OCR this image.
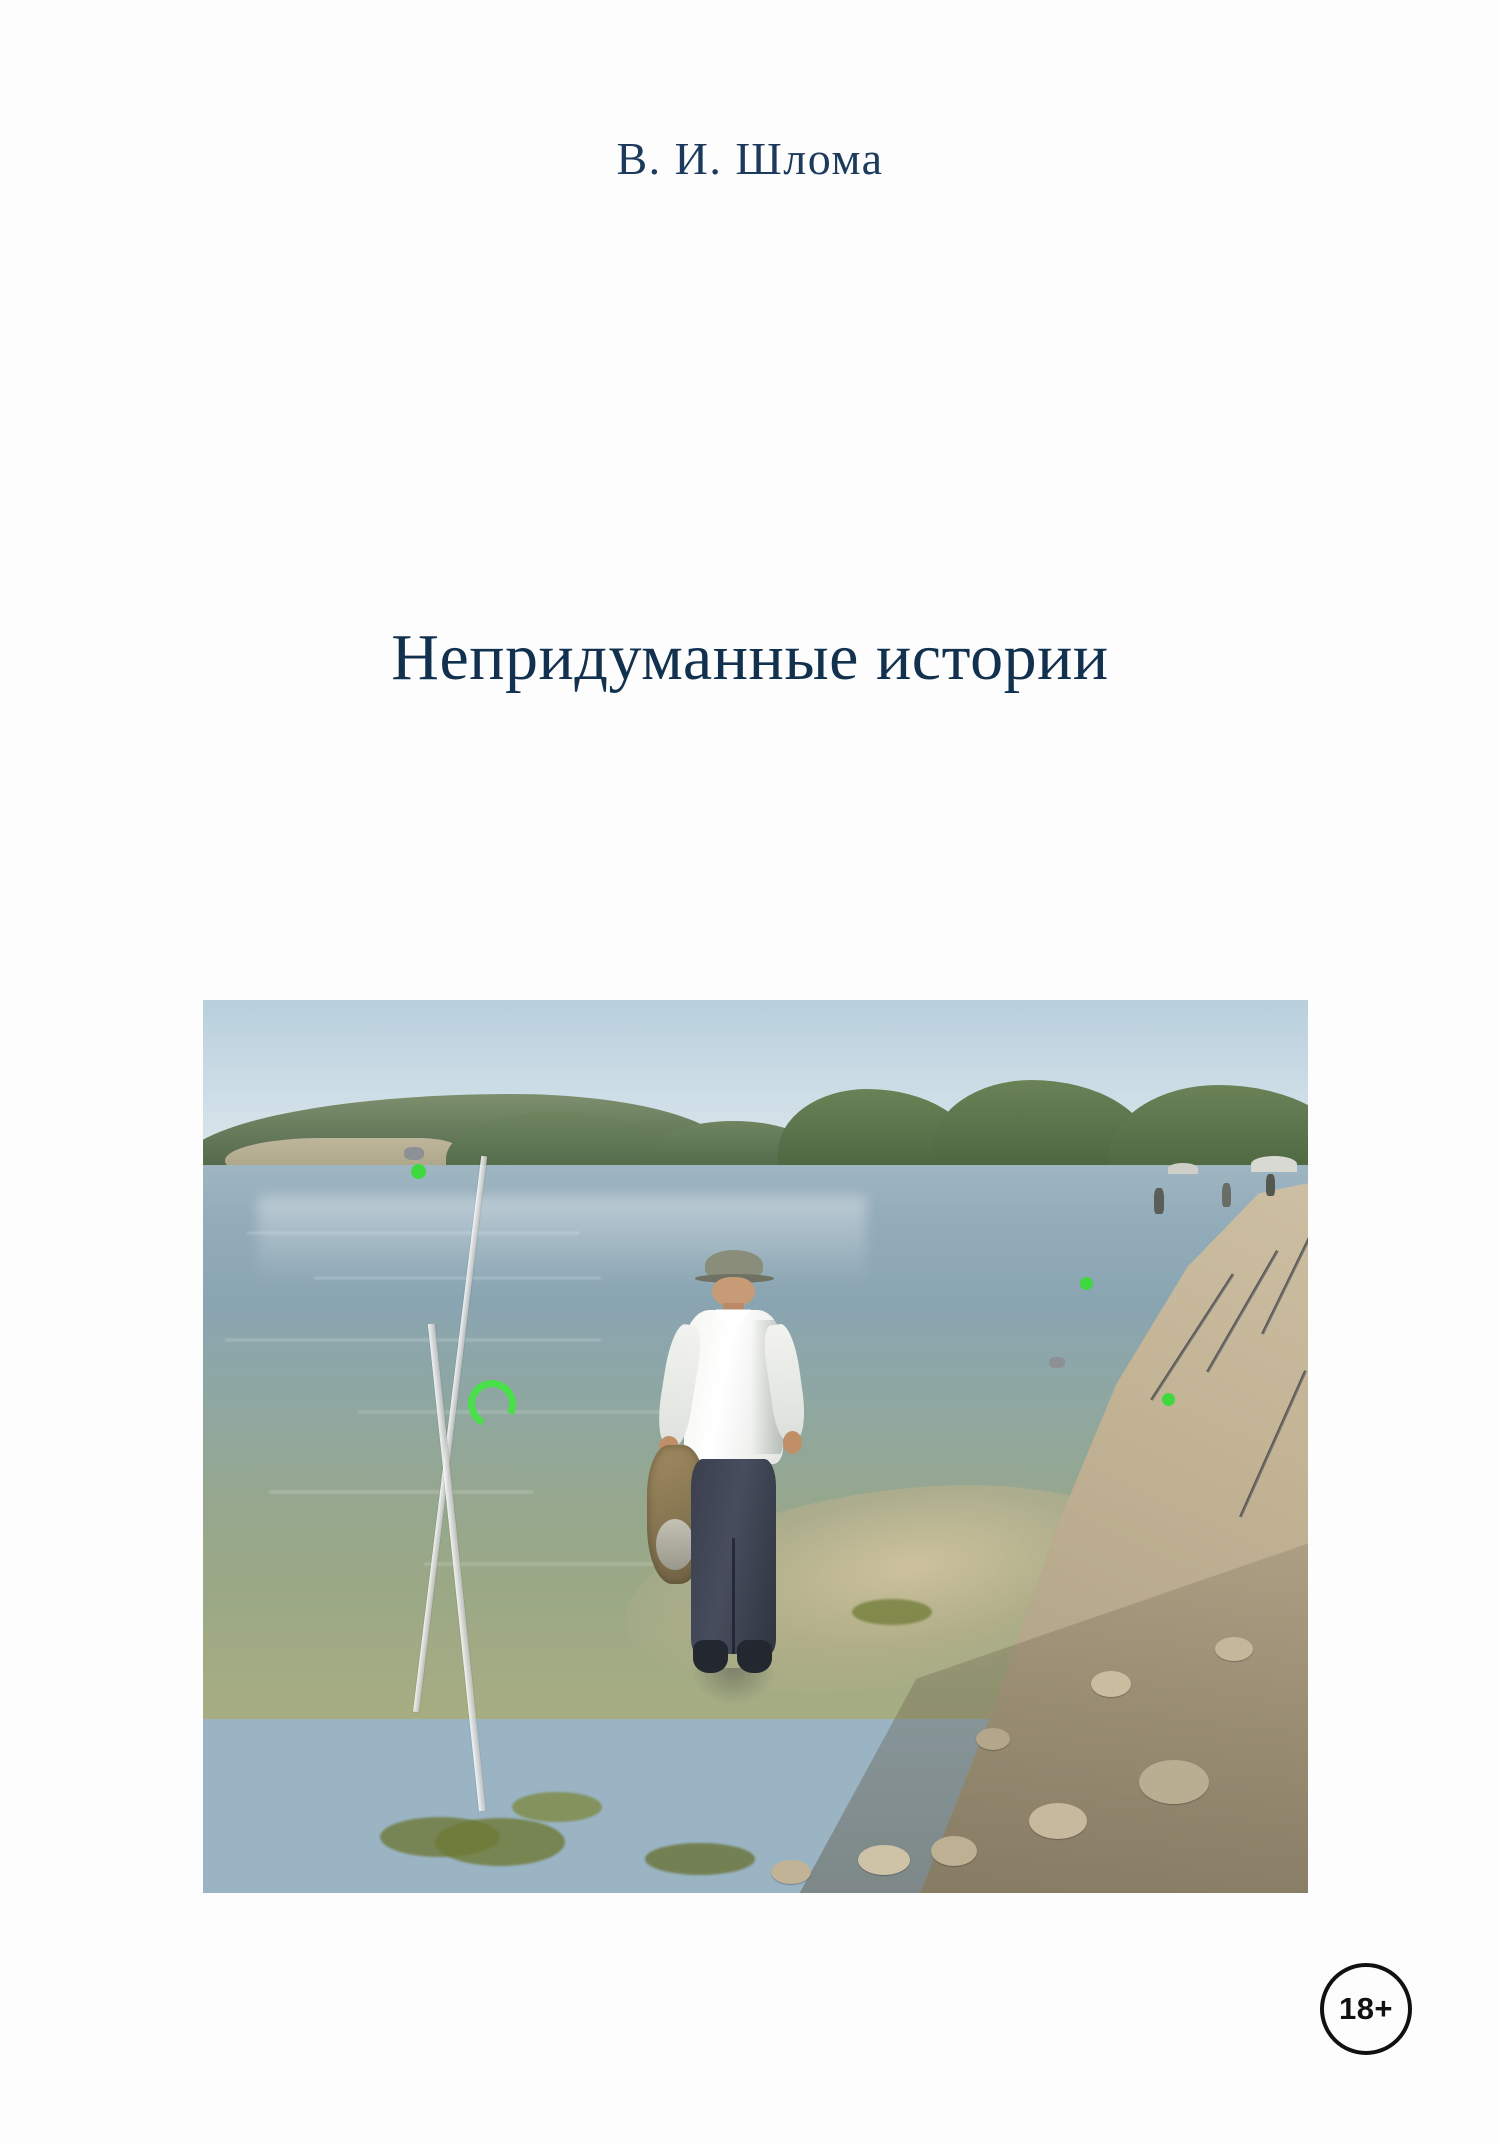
В. И. Шлома
Непридуманные истории
18+
